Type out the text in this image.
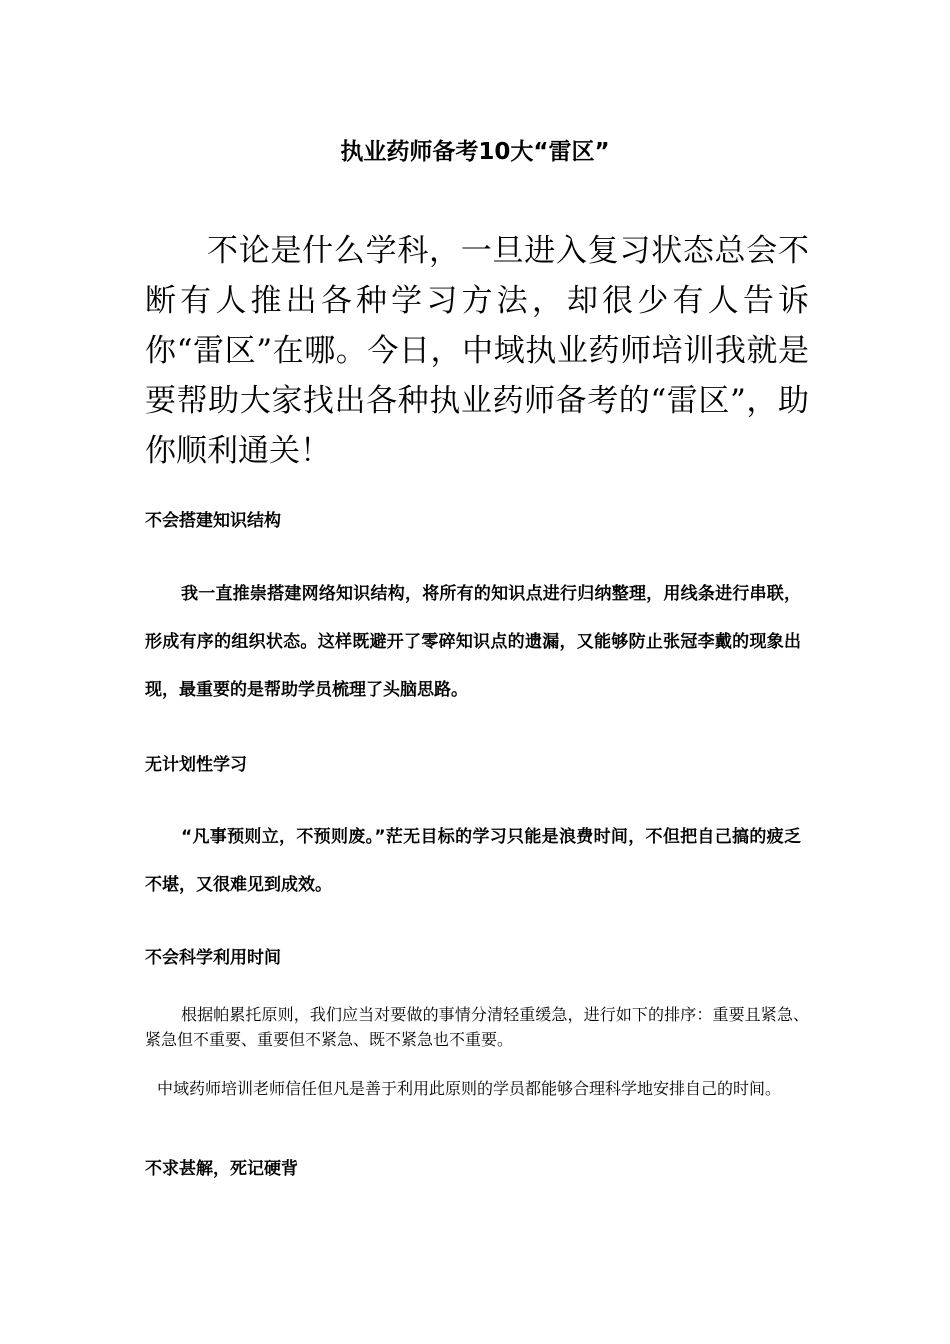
执业药师备考10大“雷区”
不论是什么学科，一旦进入复习状态总会不断有人推出各种学习方法，却很少有人告诉你“雷区”在哪。今日，中域执业药师培训我就是要帮助大家找出各种执业药师备考的“雷区”，助你顺利通关！
不会搭建知识结构
我一直推崇搭建网络知识结构，将所有的知识点进行归纳整理，用线条进行串联，形成有序的组织状态。这样既避开了零碎知识点的遗漏，又能够防止张冠李戴的现象出现，最重要的是帮助学员梳理了头脑思路。
无计划性学习
“凡事预则立，不预则废。”茫无目标的学习只能是浪费时间，不但把自己搞的疲乏不堪，又很难见到成效。
不会科学利用时间
根据帕累托原则，我们应当对要做的事情分清轻重缓急，进行如下的排序：重要且紧急、紧急但不重要、重要但不紧急、既不紧急也不重要。
中域药师培训老师信任但凡是善于利用此原则的学员都能够合理科学地安排自己的时间。
不求甚解，死记硬背
